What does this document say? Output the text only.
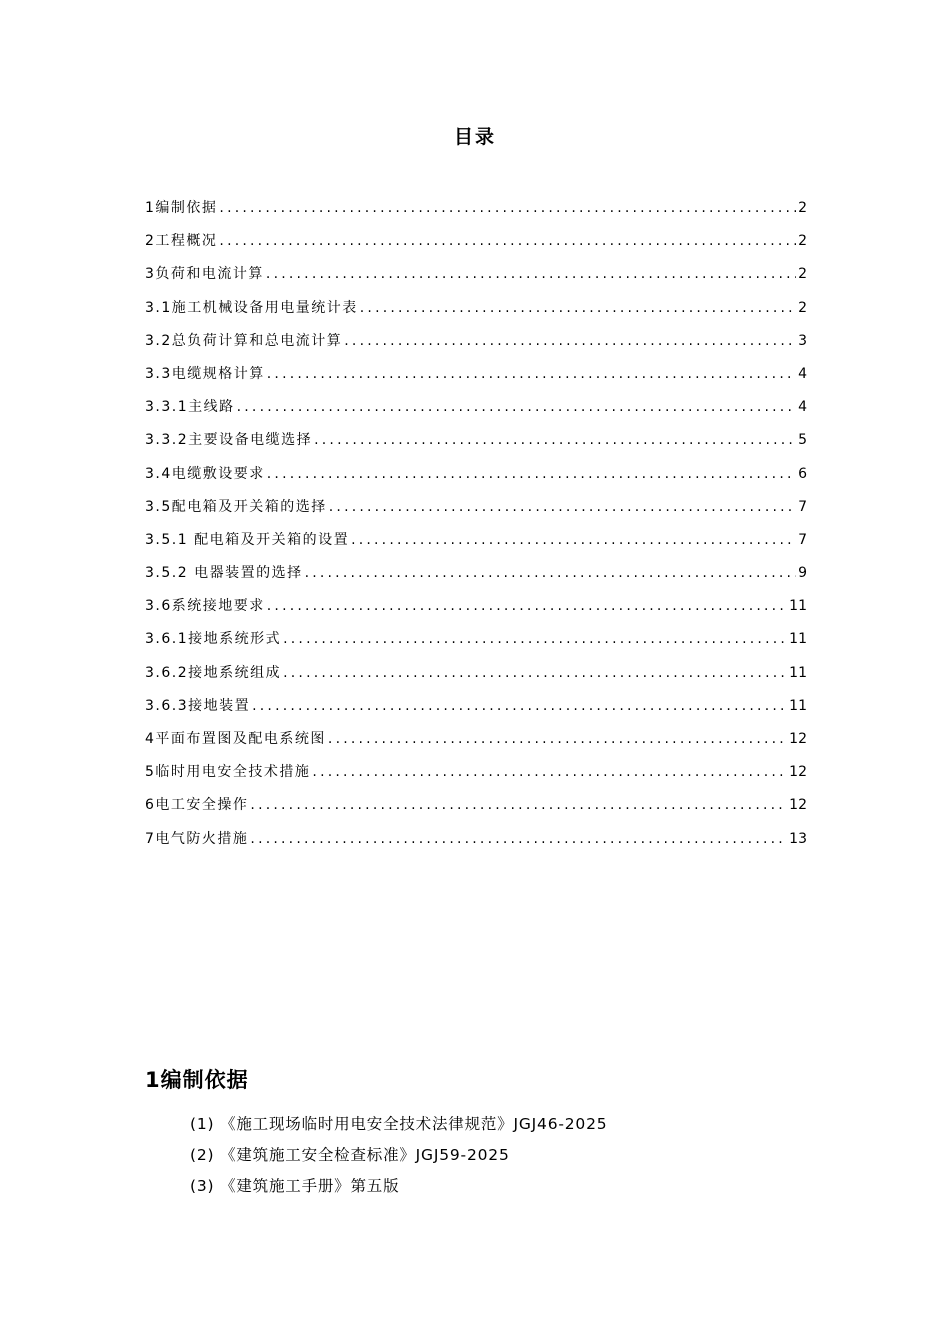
目录
1编制依据 .....	2
2工程概况 .....	2
3负荷和电流计算 .....	2
3.1施工机械设备用电量统计表 .....	2
3.2总负荷计算和总电流计算 .....	3
3.3电缆规格计算 .....	4
3.3.1主线路 .....	4
3.3.2主要设备电缆选择 .....	5
3.4电缆敷设要求 .....	6
3.5配电箱及开关箱的选择 .....	7
3.5.1 配电箱及开关箱的设置 .....	7
3.5.2 电器装置的选择 .....	9
3.6系统接地要求 .....	11
3.6.1接地系统形式 .....	11
3.6.2接地系统组成 .....	11
3.6.3接地装置 .....	11
4平面布置图及配电系统图 .....	12
5临时用电安全技术措施 .....	12
6电工安全操作 .....	12
7电气防火措施 .....	13
1编制依据
(1) 《施工现场临时用电安全技术法律规范》JGJ46-2025
(2) 《建筑施工安全检查标准》JGJ59-2025
(3) 《建筑施工手册》第五版
